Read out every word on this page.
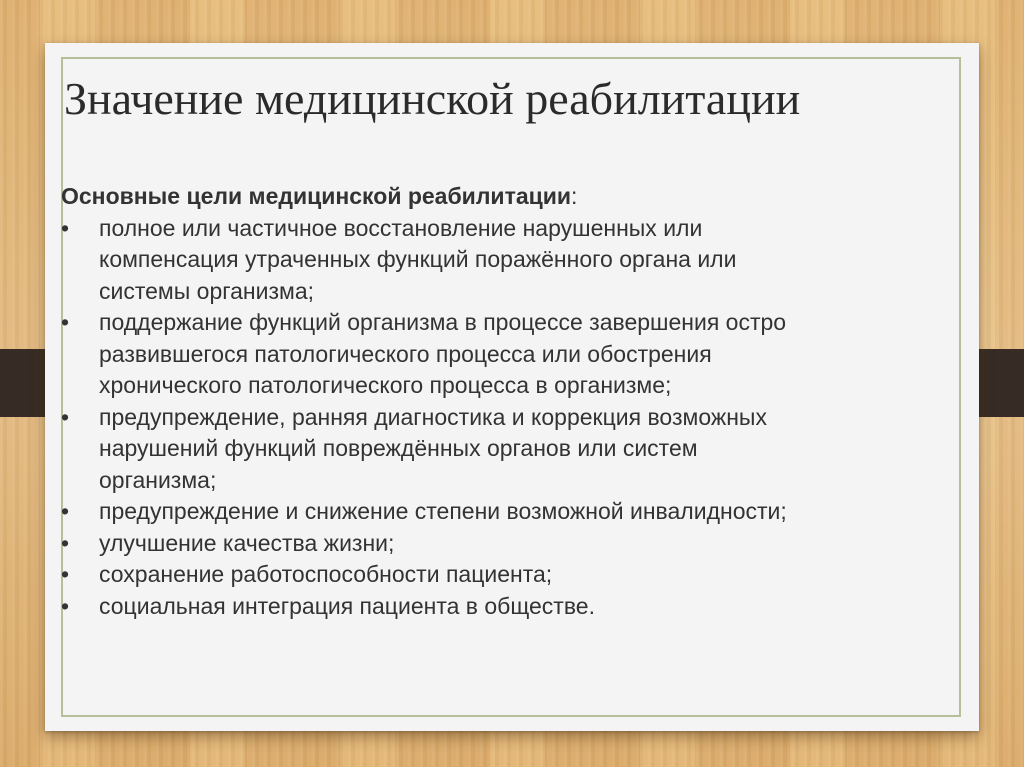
Значение медицинской реабилитации

Основные цели медицинской реабилитации:

• полное или частичное восстановление нарушенных или
компенсация утраченных функций поражённого органа или
системы организма;
• поддержание функций организма в процессе завершения остро
развившегося патологического процесса или обострения
хронического патологического процесса в организме;
• предупреждение, ранняя диагностика и коррекция возможных
нарушений функций повреждённых органов или систем
организма;
• предупреждение и снижение степени возможной инвалидности;
• улучшение качества жизни;
• сохранение работоспособности пациента;
• социальная интеграция пациента в обществе.
